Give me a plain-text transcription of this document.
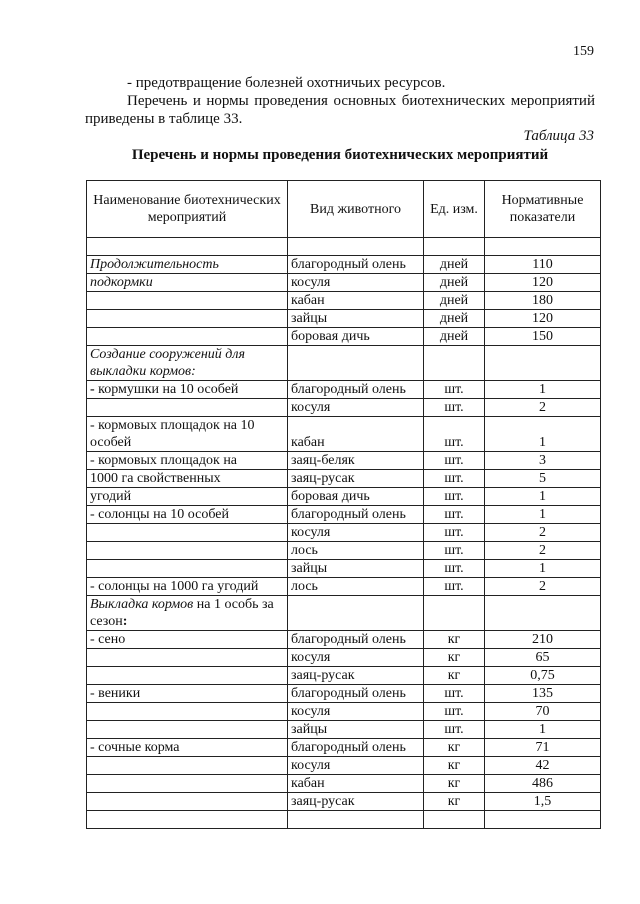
159
- предотвращение болезней охотничьих ресурсов.
Перечень и нормы проведения основных биотехнических мероприятий приведены в таблице 33.
Таблица 33
Перечень и нормы проведения биотехнических мероприятий
Наименование биотехнических мероприятий	Вид животного	Ед. изм.	Нормативные показатели

Продолжительность	благородный олень	дней	110
подкормки	косуля	дней	120
	кабан	дней	180
	зайцы	дней	120
	боровая дичь	дней	150
Создание сооружений для выкладки кормов:			
- кормушки на 10 особей	благородный олень	шт.	1
	косуля	шт.	2
- кормовых площадок на 10 особей	кабан	шт.	1
- кормовых площадок на	заяц-беляк	шт.	3
1000 га свойственных	заяц-русак	шт.	5
угодий	боровая дичь	шт.	1
- солонцы на 10 особей	благородный олень	шт.	1
	косуля	шт.	2
	лось	шт.	2
	зайцы	шт.	1
- солонцы на 1000 га угодий	лось	шт.	2
Выкладка кормов на 1 особь за сезон:			
- сено	благородный олень	кг	210
	косуля	кг	65
	заяц-русак	кг	0,75
- веники	благородный олень	шт.	135
	косуля	шт.	70
	зайцы	шт.	1
- сочные корма	благородный олень	кг	71
	косуля	кг	42
	кабан	кг	486
	заяц-русак	кг	1,5
